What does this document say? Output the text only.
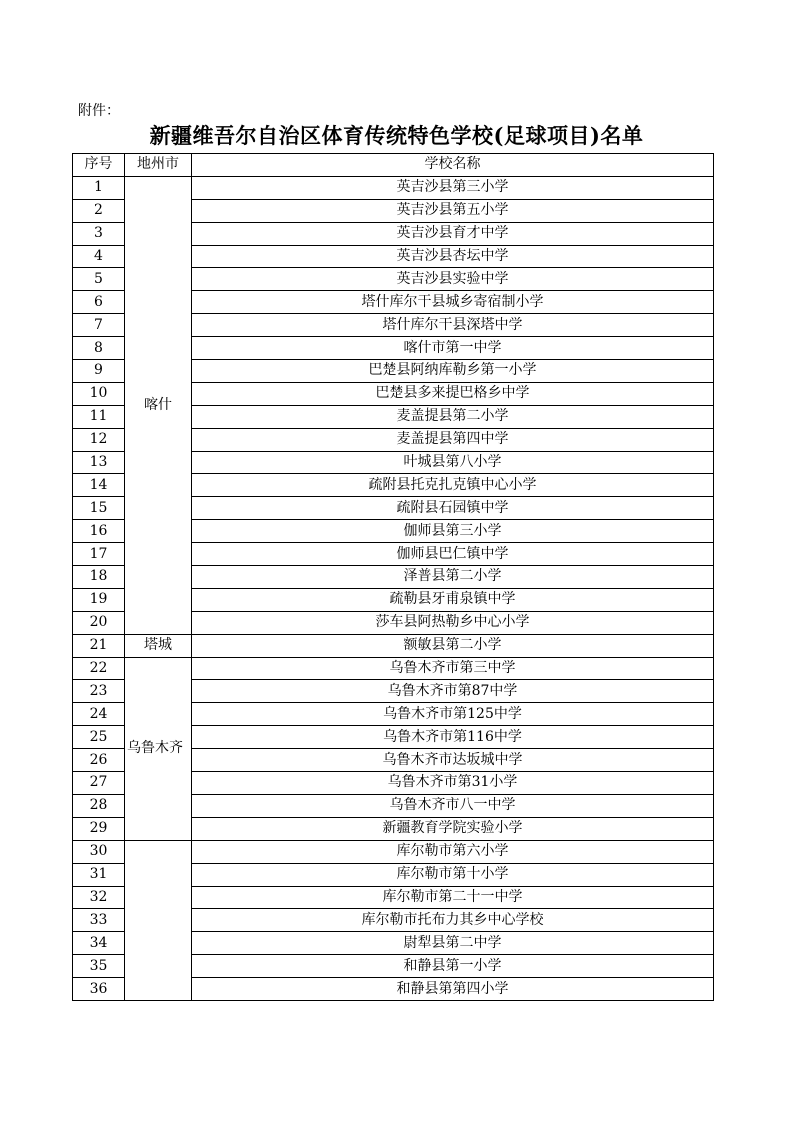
附件：
新疆维吾尔自治区体育传统特色学校(足球项目)名单
序号	地州市	学校名称
1	喀什	英吉沙县第三小学
2		英吉沙县第五小学
3		英吉沙县育才中学
4		英吉沙县杏坛中学
5		英吉沙县实验中学
6		塔什库尔干县城乡寄宿制小学
7		塔什库尔干县深塔中学
8		喀什市第一中学
9		巴楚县阿纳库勒乡第一小学
10		巴楚县多来提巴格乡中学
11		麦盖提县第二小学
12		麦盖提县第四中学
13		叶城县第八小学
14		疏附县托克扎克镇中心小学
15		疏附县石园镇中学
16		伽师县第三小学
17		伽师县巴仁镇中学
18		泽普县第二小学
19		疏勒县牙甫泉镇中学
20		莎车县阿热勒乡中心小学
21	塔城	额敏县第二小学
22	乌鲁木齐	乌鲁木齐市第三中学
23		乌鲁木齐市第87中学
24		乌鲁木齐市第125中学
25		乌鲁木齐市第116中学
26		乌鲁木齐市达坂城中学
27		乌鲁木齐市第31小学
28		乌鲁木齐市八一中学
29		新疆教育学院实验小学
30		库尔勒市第六小学
31		库尔勒市第十小学
32		库尔勒市第二十一中学
33		库尔勒市托布力其乡中心学校
34		尉犁县第二中学
35		和静县第一小学
36		和静县第第四小学
